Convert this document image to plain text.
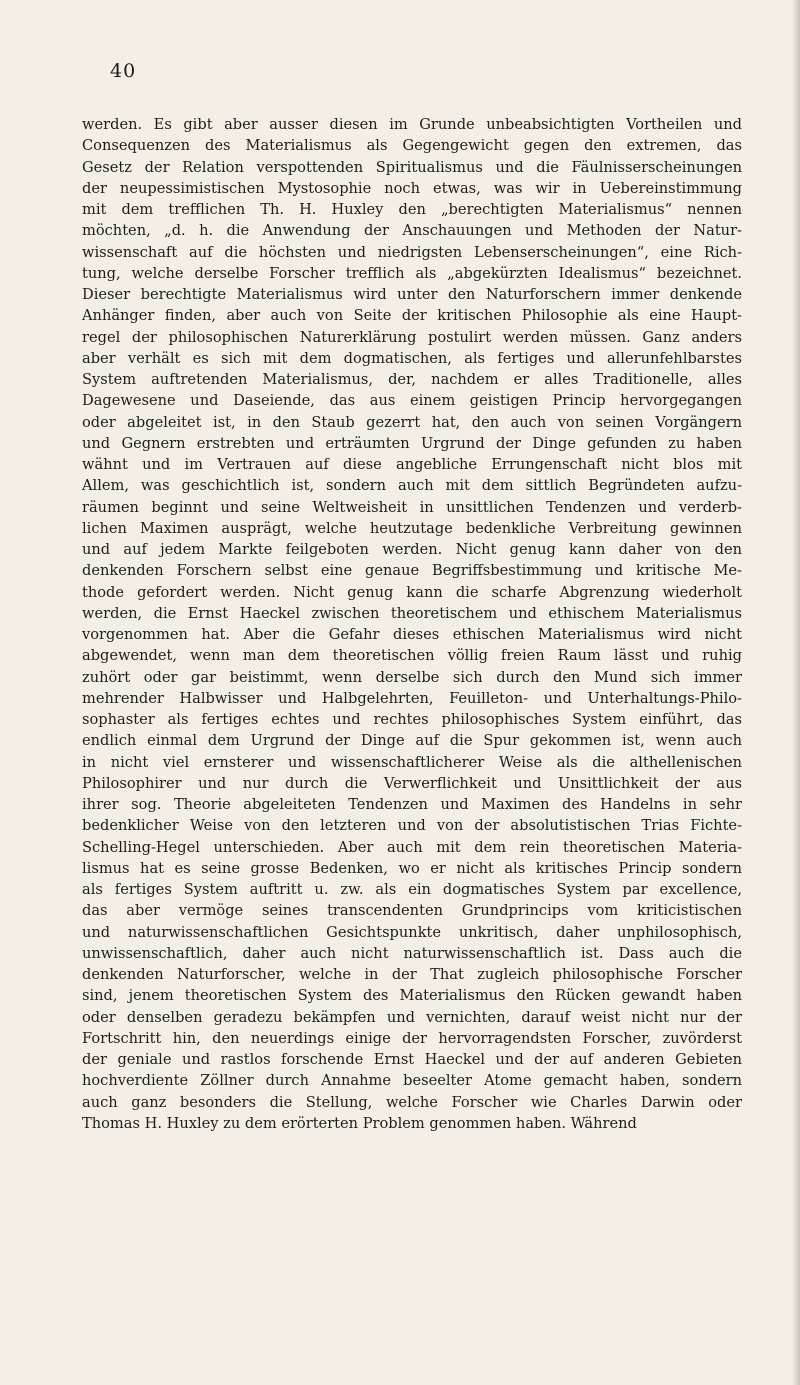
40
werden. Es gibt aber ausser diesen im Grunde unbeabsichtigten Vortheilen und
Consequenzen des Materialismus als Gegengewicht gegen den extremen, das
Gesetz der Relation verspottenden Spiritualismus und die Fäulnisserscheinungen
der neupessimistischen Mystosophie noch etwas, was wir in Uebereinstimmung
mit dem trefflichen Th. H. Huxley den „berechtigten Materialismus“ nennen
möchten, „d. h. die Anwendung der Anschauungen und Methoden der Natur-
wissenschaft auf die höchsten und niedrigsten Lebenserscheinungen“, eine Rich-
tung, welche derselbe Forscher trefflich als „abgekürzten Idealismus“ bezeichnet.
Dieser berechtigte Materialismus wird unter den Naturforschern immer denkende
Anhänger finden, aber auch von Seite der kritischen Philosophie als eine Haupt-
regel der philosophischen Naturerklärung postulirt werden müssen. Ganz anders
aber verhält es sich mit dem dogmatischen, als fertiges und allerunfehlbarstes
System auftretenden Materialismus, der, nachdem er alles Traditionelle, alles
Dagewesene und Daseiende, das aus einem geistigen Princip hervorgegangen
oder abgeleitet ist, in den Staub gezerrt hat, den auch von seinen Vorgängern
und Gegnern erstrebten und erträumten Urgrund der Dinge gefunden zu haben
wähnt und im Vertrauen auf diese angebliche Errungenschaft nicht blos mit
Allem, was geschichtlich ist, sondern auch mit dem sittlich Begründeten aufzu-
räumen beginnt und seine Weltweisheit in unsittlichen Tendenzen und verderb-
lichen Maximen ausprägt, welche heutzutage bedenkliche Verbreitung gewinnen
und auf jedem Markte feilgeboten werden. Nicht genug kann daher von den
denkenden Forschern selbst eine genaue Begriffsbestimmung und kritische Me-
thode gefordert werden. Nicht genug kann die scharfe Abgrenzung wiederholt
werden, die Ernst Haeckel zwischen theoretischem und ethischem Materialismus
vorgenommen hat. Aber die Gefahr dieses ethischen Materialismus wird nicht
abgewendet, wenn man dem theoretischen völlig freien Raum lässt und ruhig
zuhört oder gar beistimmt, wenn derselbe sich durch den Mund sich immer
mehrender Halbwisser und Halbgelehrten, Feuilleton- und Unterhaltungs-Philo-
sophaster als fertiges echtes und rechtes philosophisches System einführt, das
endlich einmal dem Urgrund der Dinge auf die Spur gekommen ist, wenn auch
in nicht viel ernsterer und wissenschaftlicherer Weise als die althellenischen
Philosophirer und nur durch die Verwerflichkeit und Unsittlichkeit der aus
ihrer sog. Theorie abgeleiteten Tendenzen und Maximen des Handelns in sehr
bedenklicher Weise von den letzteren und von der absolutistischen Trias Fichte-
Schelling-Hegel unterschieden. Aber auch mit dem rein theoretischen Materia-
lismus hat es seine grosse Bedenken, wo er nicht als kritisches Princip sondern
als fertiges System auftritt u. zw. als ein dogmatisches System par excellence,
das aber vermöge seines transcendenten Grundprincips vom kriticistischen
und naturwissenschaftlichen Gesichtspunkte unkritisch, daher unphilosophisch,
unwissenschaftlich, daher auch nicht naturwissenschaftlich ist. Dass auch die
denkenden Naturforscher, welche in der That zugleich philosophische Forscher
sind, jenem theoretischen System des Materialismus den Rücken gewandt haben
oder denselben geradezu bekämpfen und vernichten, darauf weist nicht nur der
Fortschritt hin, den neuerdings einige der hervorragendsten Forscher, zuvörderst
der geniale und rastlos forschende Ernst Haeckel und der auf anderen Gebieten
hochverdiente Zöllner durch Annahme beseelter Atome gemacht haben, sondern
auch ganz besonders die Stellung, welche Forscher wie Charles Darwin oder
Thomas H. Huxley zu dem erörterten Problem genommen haben. Während
